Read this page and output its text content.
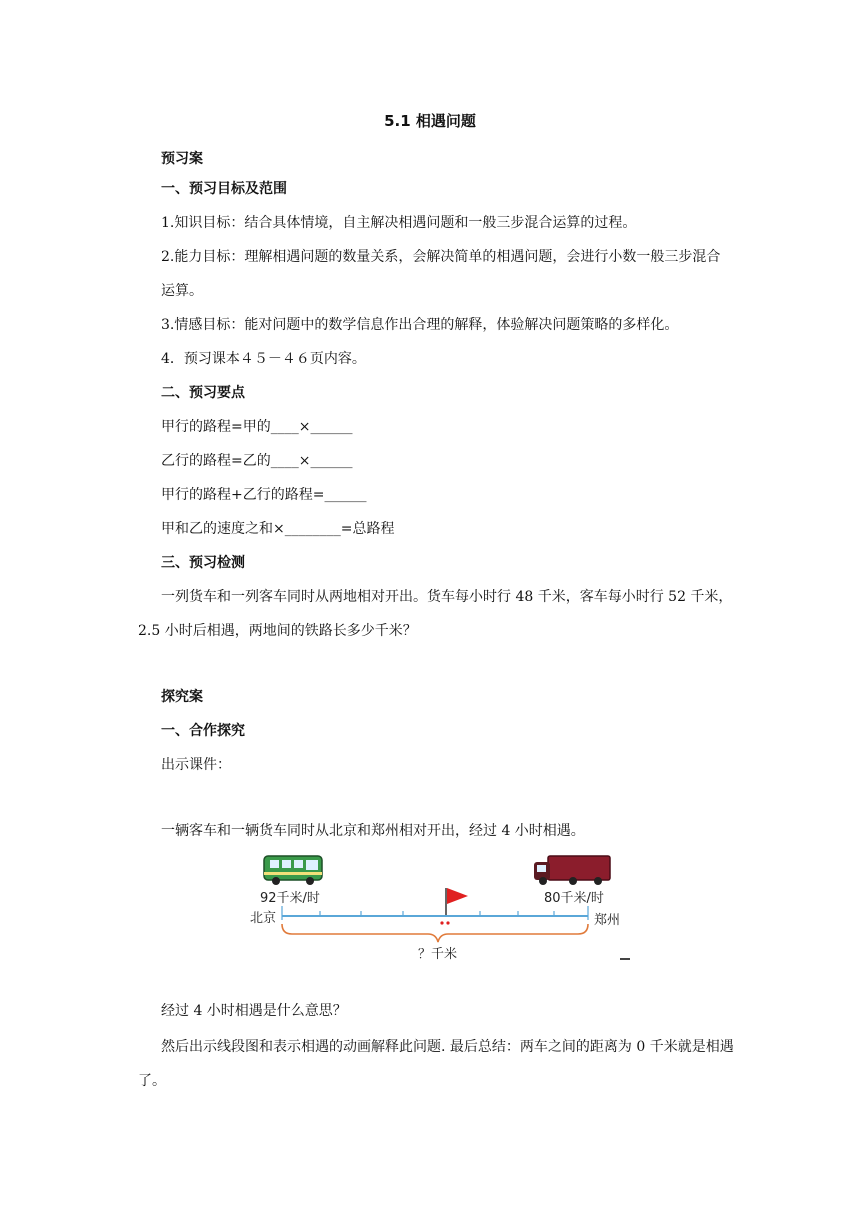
5.1 相遇问题
预习案
一、预习目标及范围
1.知识目标：结合具体情境，自主解决相遇问题和一般三步混合运算的过程。
2.能力目标：理解相遇问题的数量关系，会解决简单的相遇问题，会进行小数一般三步混合运算。
3.情感目标：能对问题中的数学信息作出合理的解释，体验解决问题策略的多样化。
4．预习课本４５－４６页内容。
二、预习要点
甲行的路程=甲的____×______
乙行的路程=乙的____×______
甲行的路程+乙行的路程=______
甲和乙的速度之和×________=总路程
三、预习检测
一列货车和一列客车同时从两地相对开出。货车每小时行 48 千米，客车每小时行 52 千米，2.5 小时后相遇，两地间的铁路长多少千米？
探究案
一、合作探究
出示课件：
一辆客车和一辆货车同时从北京和郑州相对开出，经过 4 小时相遇。
92千米/时	80千米/时
北京	郑州
？千米
经过 4 小时相遇是什么意思？
然后出示线段图和表示相遇的动画解释此问题. 最后总结：两车之间的距离为 0 千米就是相遇了。
